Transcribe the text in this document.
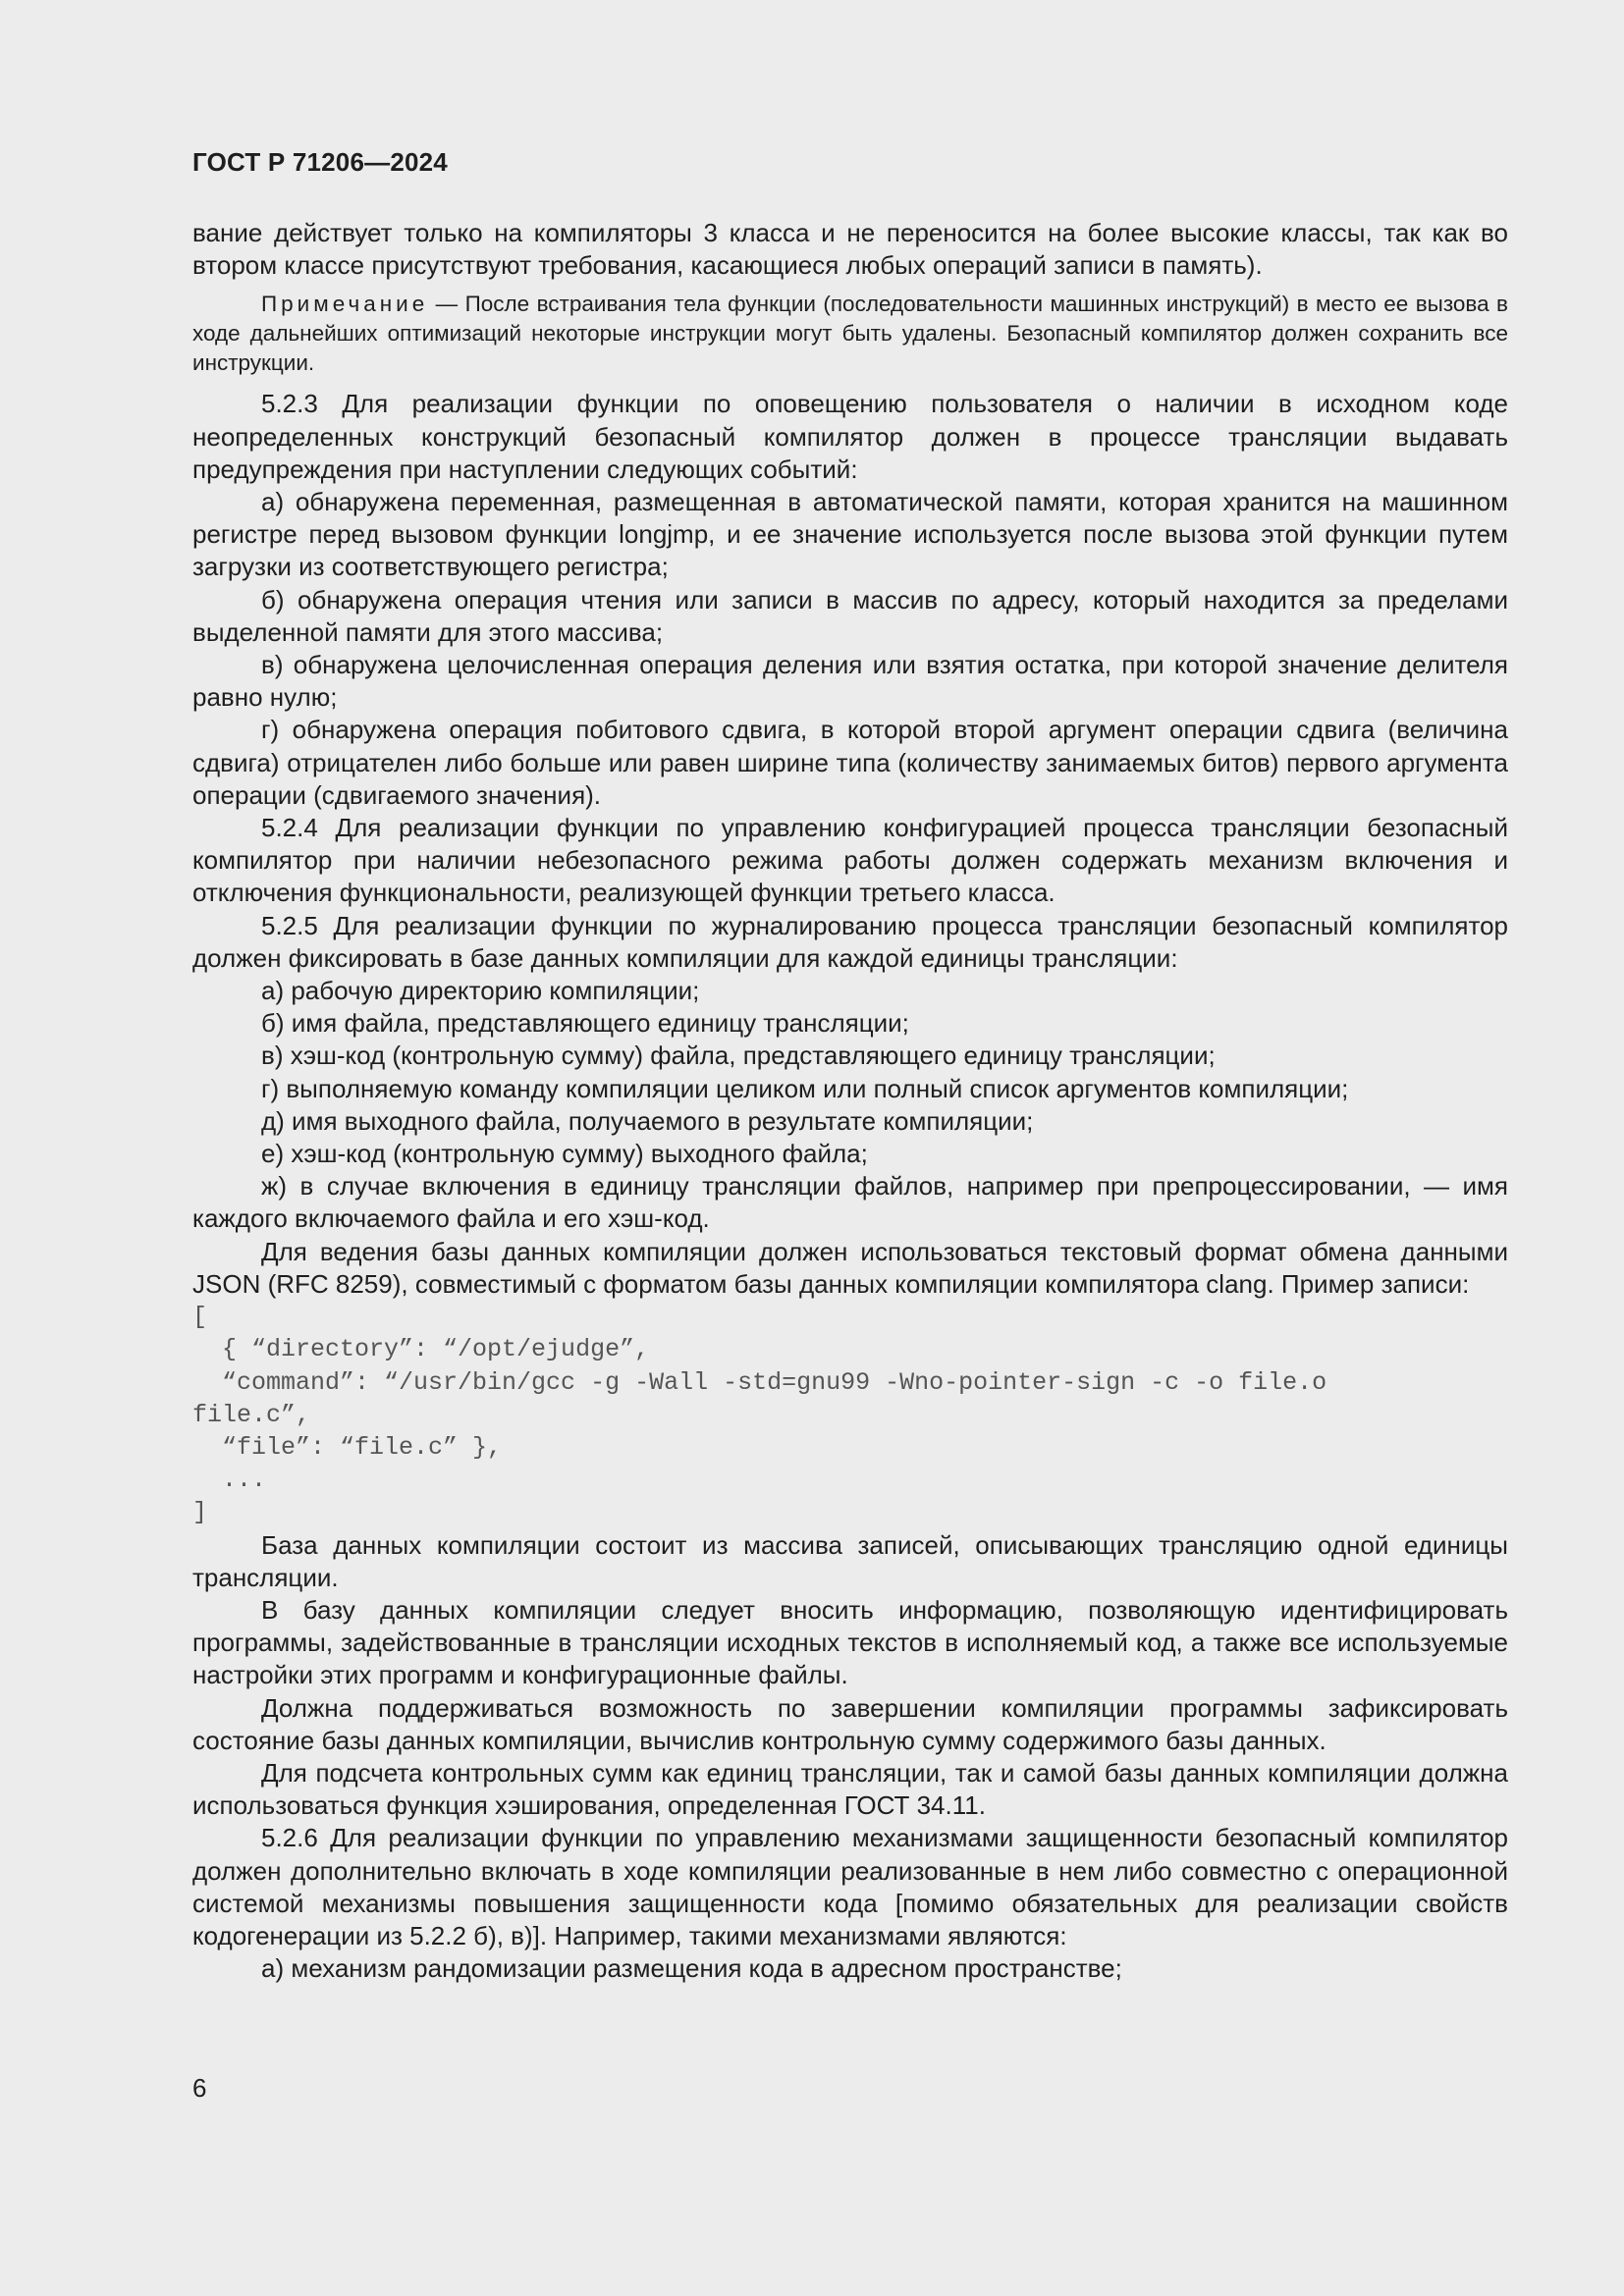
ГОСТ Р 71206—2024

вание действует только на компиляторы 3 класса и не переносится на более высокие классы, так как во втором классе присутствуют требования, касающиеся любых операций записи в память).

Примечание — После встраивания тела функции (последовательности машинных инструкций) в место ее вызова в ходе дальнейших оптимизаций некоторые инструкции могут быть удалены. Безопасный компилятор должен сохранить все инструкции.

5.2.3 Для реализации функции по оповещению пользователя о наличии в исходном коде неопределенных конструкций безопасный компилятор должен в процессе трансляции выдавать предупреждения при наступлении следующих событий:

а) обнаружена переменная, размещенная в автоматической памяти, которая хранится на машинном регистре перед вызовом функции longjmp, и ее значение используется после вызова этой функции путем загрузки из соответствующего регистра;

б) обнаружена операция чтения или записи в массив по адресу, который находится за пределами выделенной памяти для этого массива;

в) обнаружена целочисленная операция деления или взятия остатка, при которой значение делителя равно нулю;

г) обнаружена операция побитового сдвига, в которой второй аргумент операции сдвига (величина сдвига) отрицателен либо больше или равен ширине типа (количеству занимаемых битов) первого аргумента операции (сдвигаемого значения).

5.2.4 Для реализации функции по управлению конфигурацией процесса трансляции безопасный компилятор при наличии небезопасного режима работы должен содержать механизм включения и отключения функциональности, реализующей функции третьего класса.

5.2.5 Для реализации функции по журналированию процесса трансляции безопасный компилятор должен фиксировать в базе данных компиляции для каждой единицы трансляции:

а) рабочую директорию компиляции;

б) имя файла, представляющего единицу трансляции;

в) хэш-код (контрольную сумму) файла, представляющего единицу трансляции;

г) выполняемую команду компиляции целиком или полный список аргументов компиляции;

д) имя выходного файла, получаемого в результате компиляции;

е) хэш-код (контрольную сумму) выходного файла;

ж) в случае включения в единицу трансляции файлов, например при препроцессировании, — имя каждого включаемого файла и его хэш-код.

Для ведения базы данных компиляции должен использоваться текстовый формат обмена данными JSON (RFC 8259), совместимый с форматом базы данных компиляции компилятора clang. Пример записи:

[
{ “directory”: “/opt/ejudge”,
“command”: “/usr/bin/gcc -g -Wall -std=gnu99 -Wno-pointer-sign -c -o file.o
file.c”,
“file”: “file.c” },
...
]

База данных компиляции состоит из массива записей, описывающих трансляцию одной единицы трансляции.

В базу данных компиляции следует вносить информацию, позволяющую идентифицировать программы, задействованные в трансляции исходных текстов в исполняемый код, а также все используемые настройки этих программ и конфигурационные файлы.

Должна поддерживаться возможность по завершении компиляции программы зафиксировать состояние базы данных компиляции, вычислив контрольную сумму содержимого базы данных.

Для подсчета контрольных сумм как единиц трансляции, так и самой базы данных компиляции должна использоваться функция хэширования, определенная ГОСТ 34.11.

5.2.6 Для реализации функции по управлению механизмами защищенности безопасный компилятор должен дополнительно включать в ходе компиляции реализованные в нем либо совместно с операционной системой механизмы повышения защищенности кода [помимо обязательных для реализации свойств кодогенерации из 5.2.2 б), в)]. Например, такими механизмами являются:

а) механизм рандомизации размещения кода в адресном пространстве;

6
